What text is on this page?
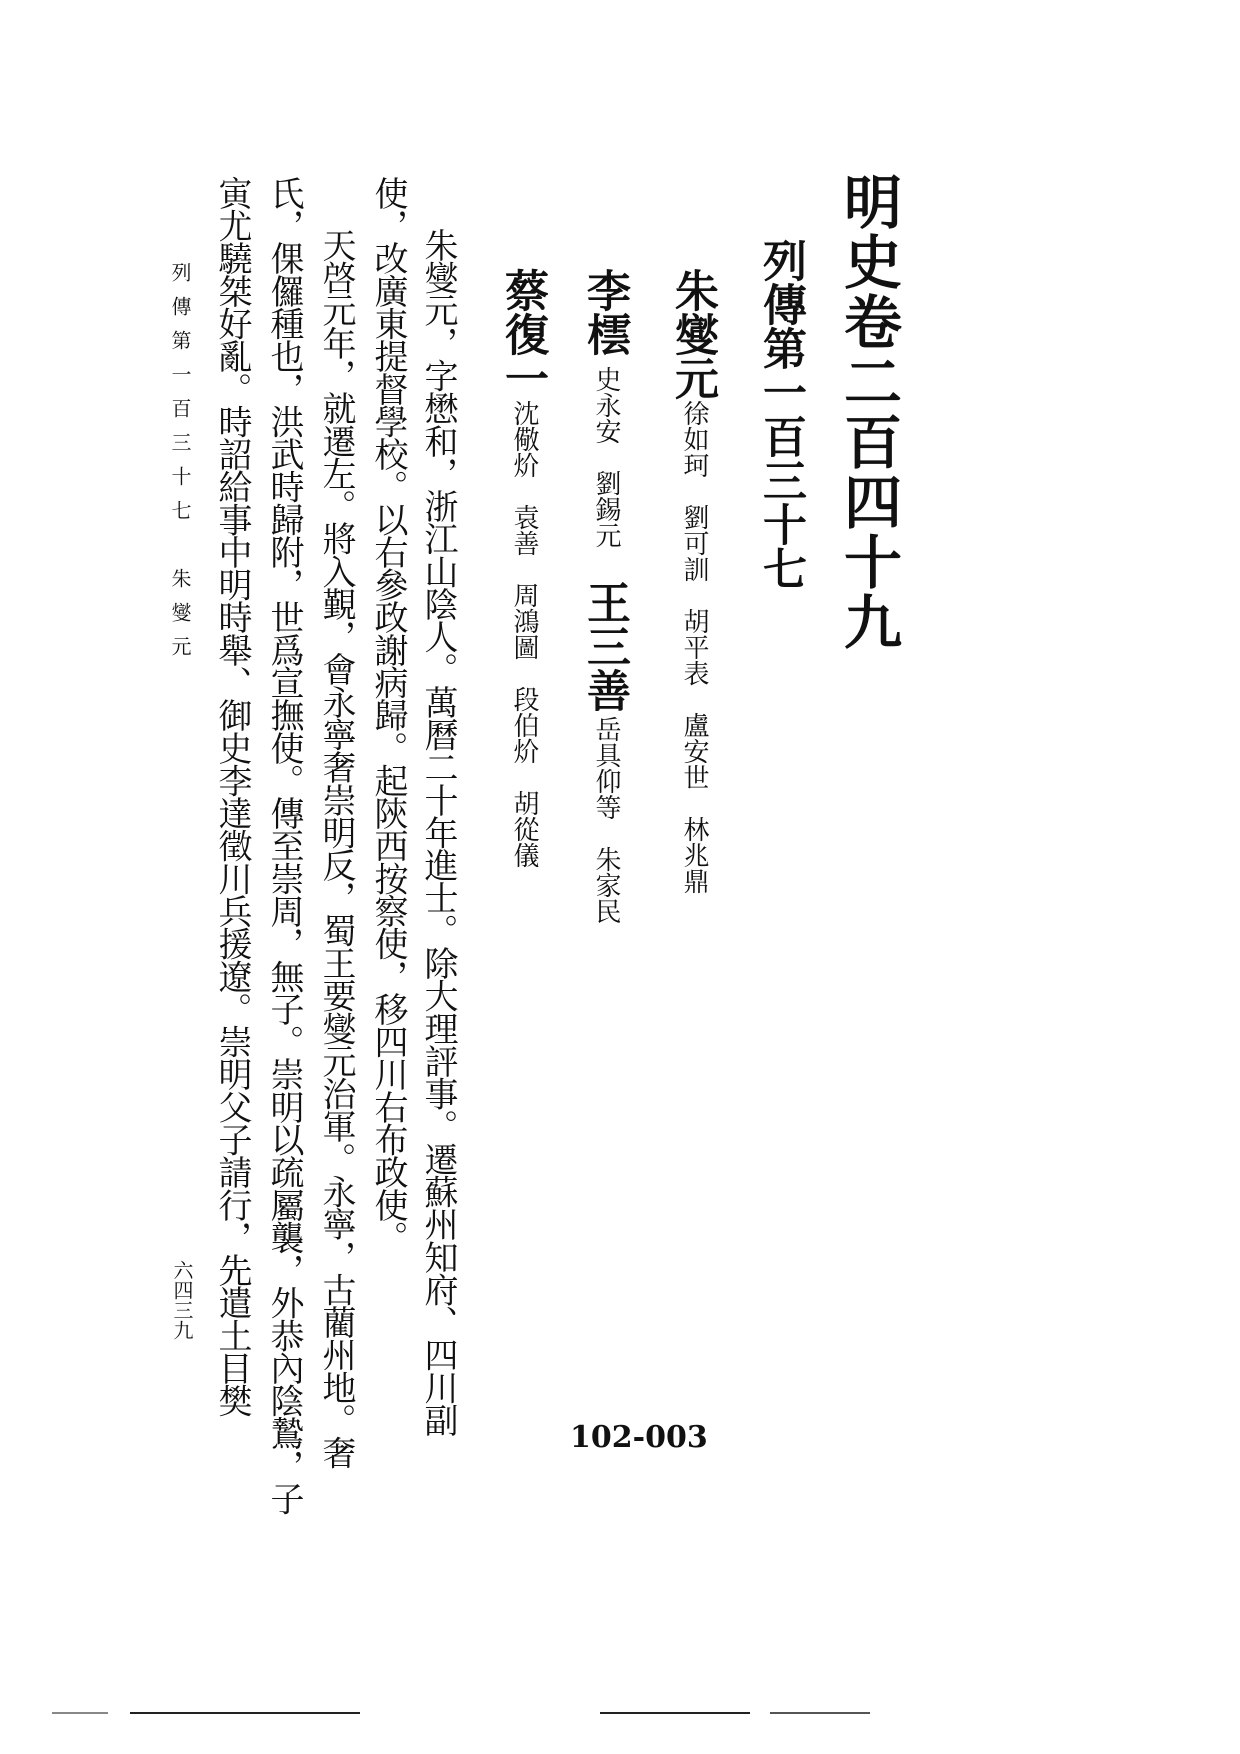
明史卷二百四十九
列傳第一百三十七
朱燮元
徐如珂　劉可訓　胡平表　盧安世　林兆鼎
李橒
史永安　劉錫元
王三善
岳具仰等　朱家民
蔡復一
沈儆炌　袁善　周鴻圖　段伯炌　胡從儀
朱燮元，字懋和，浙江山陰人。萬曆二十年進士。除大理評事。遷蘇州知府、四川副
使，改廣東提督學校。以右參政謝病歸。起陝西按察使，移四川右布政使。
天啓元年，就遷左。將入覲，會永寧奢崇明反，蜀王要燮元治軍。永寧，古藺州地。奢
氏，倮儸種也，洪武時歸附，世爲宣撫使。傳至崇周，無子。崇明以疏屬襲，外恭內陰鷙，子
寅尤驍桀好亂。時詔給事中明時舉、御史李達徵川兵援遼。崇明父子請行，先遣土目樊
列傳第一百三十七　朱燮元
六四三九
102-003
